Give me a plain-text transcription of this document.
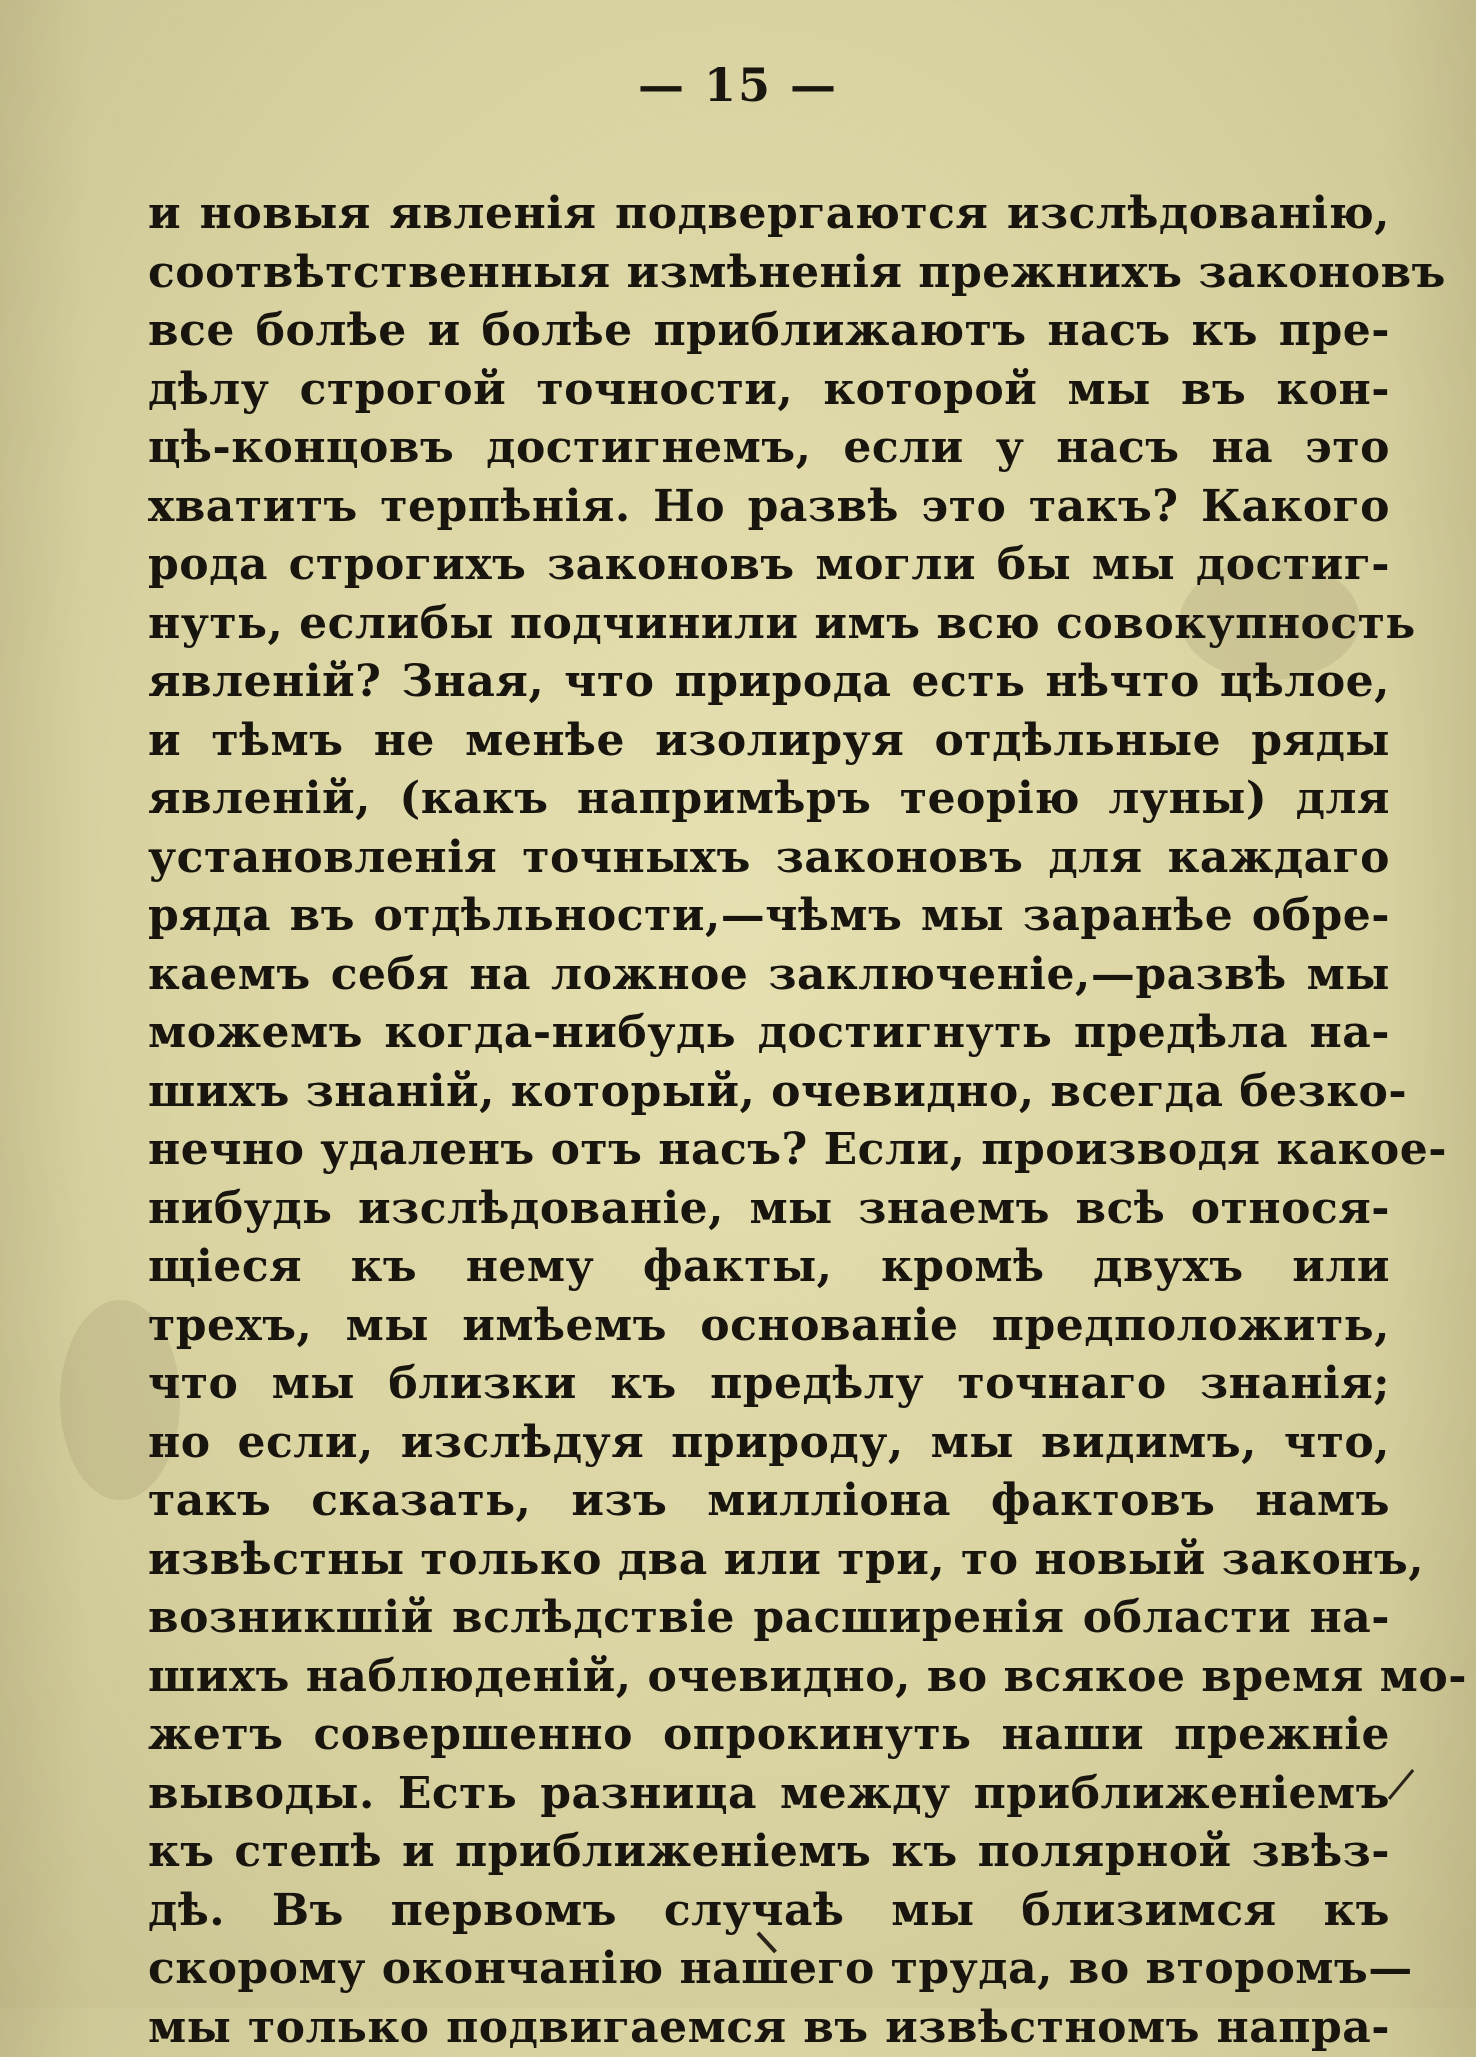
— 15 —
и новыя явленія подвергаются изслѣдованію,
соотвѣтственныя измѣненія прежнихъ законовъ
все болѣе и болѣе приближаютъ насъ къ пре-
дѣлу строгой точности, которой мы въ кон-
цѣ-концовъ достигнемъ, если у насъ на это
хватитъ терпѣнія. Но развѣ это такъ? Какого
рода строгихъ законовъ могли бы мы достиг-
нуть, еслибы подчинили имъ всю совокупность
явленій? Зная, что природа есть нѣчто цѣлое,
и тѣмъ не менѣе изолируя отдѣльные ряды
явленій, (какъ напримѣръ теорію луны) для
установленія точныхъ законовъ для каждаго
ряда въ отдѣльности,—чѣмъ мы заранѣе обре-
каемъ себя на ложное заключеніе,—развѣ мы
можемъ когда-нибудь достигнуть предѣла на-
шихъ знаній, который, очевидно, всегда безко-
нечно удаленъ отъ насъ? Если, производя какое-
нибудь изслѣдованіе, мы знаемъ всѣ относя-
щіеся къ нему факты, кромѣ двухъ или
трехъ, мы имѣемъ основаніе предположить,
что мы близки къ предѣлу точнаго знанія;
но если, изслѣдуя природу, мы видимъ, что,
такъ сказать, изъ милліона фактовъ намъ
извѣстны только два или три, то новый законъ,
возникшій вслѣдствіе расширенія области на-
шихъ наблюденій, очевидно, во всякое время мо-
жетъ совершенно опрокинуть наши прежніе
выводы. Есть разница между приближеніемъ
къ степѣ и приближеніемъ къ полярной звѣз-
дѣ. Въ первомъ случаѣ мы близимся къ
скорому окончанію нашего труда, во второмъ—
мы только подвигаемся въ извѣстномъ напра-
